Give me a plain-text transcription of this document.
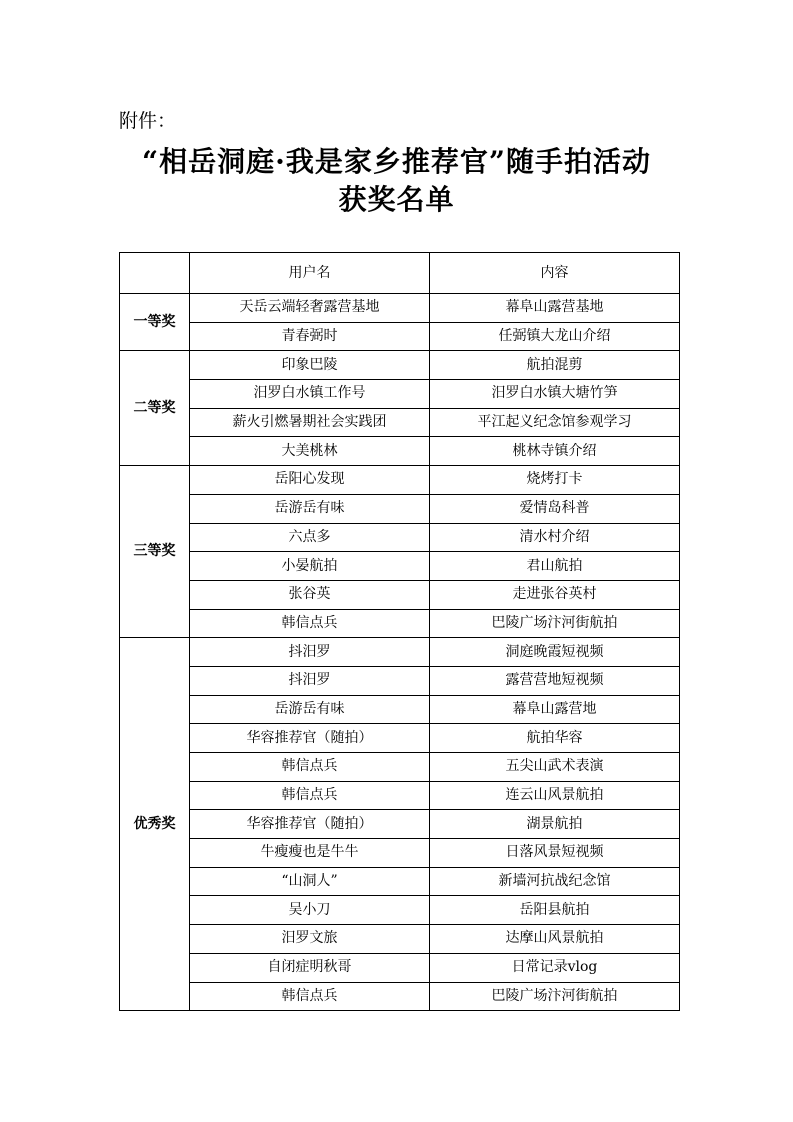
附件：
“相岳洞庭·我是家乡推荐官”随手拍活动
获奖名单
	用户名	内容
一等奖	天岳云端轻奢露营基地	幕阜山露营基地
	青春弼时	任弼镇大龙山介绍
二等奖	印象巴陵	航拍混剪
	汨罗白水镇工作号	汨罗白水镇大塘竹笋
	薪火引燃暑期社会实践团	平江起义纪念馆参观学习
	大美桃林	桃林寺镇介绍
三等奖	岳阳心发现	烧烤打卡
	岳游岳有味	爱情岛科普
	六点多	清水村介绍
	小晏航拍	君山航拍
	张谷英	走进张谷英村
	韩信点兵	巴陵广场汴河街航拍
优秀奖	抖汨罗	洞庭晚霞短视频
	抖汨罗	露营营地短视频
	岳游岳有味	幕阜山露营地
	华容推荐官（随拍）	航拍华容
	韩信点兵	五尖山武术表演
	韩信点兵	连云山风景航拍
	华容推荐官（随拍）	湖景航拍
	牛瘦瘦也是牛牛	日落风景短视频
	“山洞人”	新墙河抗战纪念馆
	吴小刀	岳阳县航拍
	汨罗文旅	达摩山风景航拍
	自闭症明秋哥	日常记录vlog
	韩信点兵	巴陵广场汴河街航拍
